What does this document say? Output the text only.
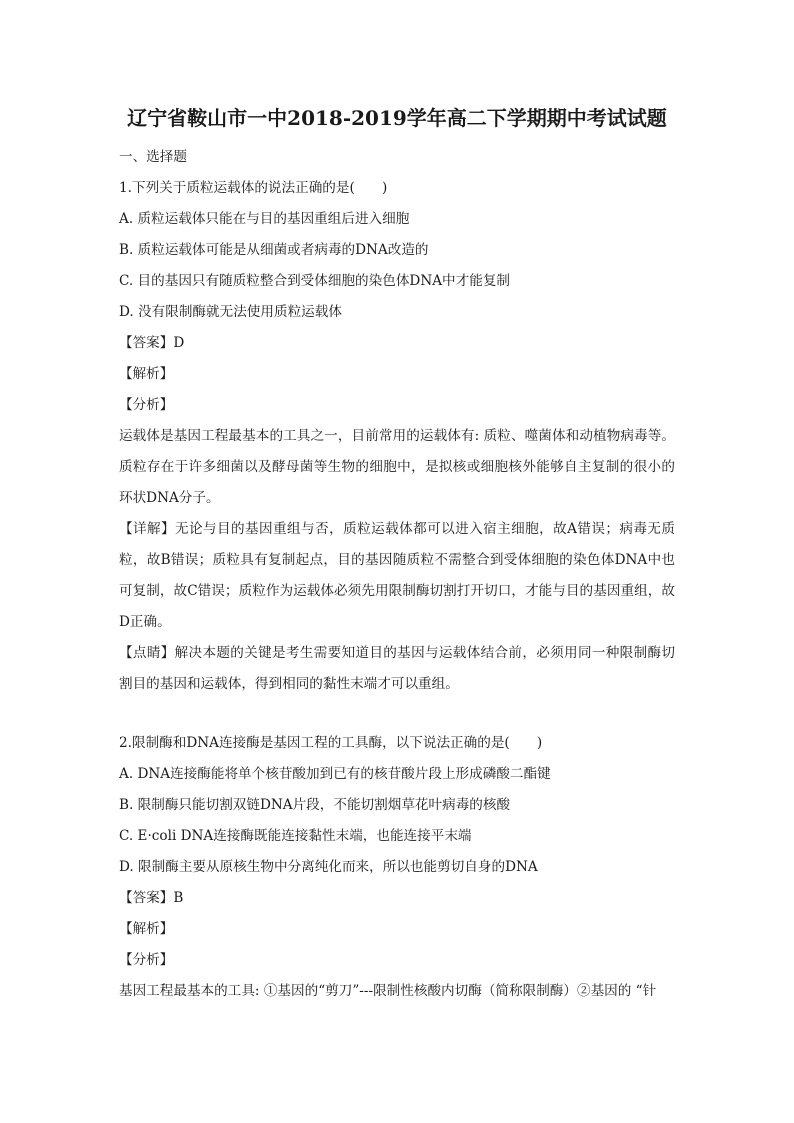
辽宁省鞍山市一中2018-2019学年高二下学期期中考试试题
一、选择题
1.下列关于质粒运载体的说法正确的是(　　)
A. 质粒运载体只能在与目的基因重组后进入细胞
B. 质粒运载体可能是从细菌或者病毒的DNA改造的
C. 目的基因只有随质粒整合到受体细胞的染色体DNA中才能复制
D. 没有限制酶就无法使用质粒运载体
【答案】D
【解析】
【分析】

运载体是基因工程最基本的工具之一，目前常用的运载体有: 质粒、噬菌体和动植物病毒等。质粒存在于许多细菌以及酵母菌等生物的细胞中，是拟核或细胞核外能够自主复制的很小的环状DNA分子。

【详解】无论与目的基因重组与否，质粒运载体都可以进入宿主细胞，故A错误；病毒无质粒，故B错误；质粒具有复制起点，目的基因随质粒不需整合到受体细胞的染色体DNA中也可复制，故C错误；质粒作为运载体必须先用限制酶切割打开切口，才能与目的基因重组，故D正确。

【点睛】解决本题的关键是考生需要知道目的基因与运载体结合前，必须用同一种限制酶切割目的基因和运载体，得到相同的黏性末端才可以重组。

2.限制酶和DNA连接酶是基因工程的工具酶，以下说法正确的是(　　)
A. DNA连接酶能将单个核苷酸加到已有的核苷酸片段上形成磷酸二酯键
B. 限制酶只能切割双链DNA片段，不能切割烟草花叶病毒的核酸
C. E·coli DNA连接酶既能连接黏性末端，也能连接平末端
D. 限制酶主要从原核生物中分离纯化而来，所以也能剪切自身的DNA
【答案】B
【解析】
【分析】
基因工程最基本的工具: ①基因的“剪刀”---限制性核酸内切酶（简称限制酶）②基因的 “针
